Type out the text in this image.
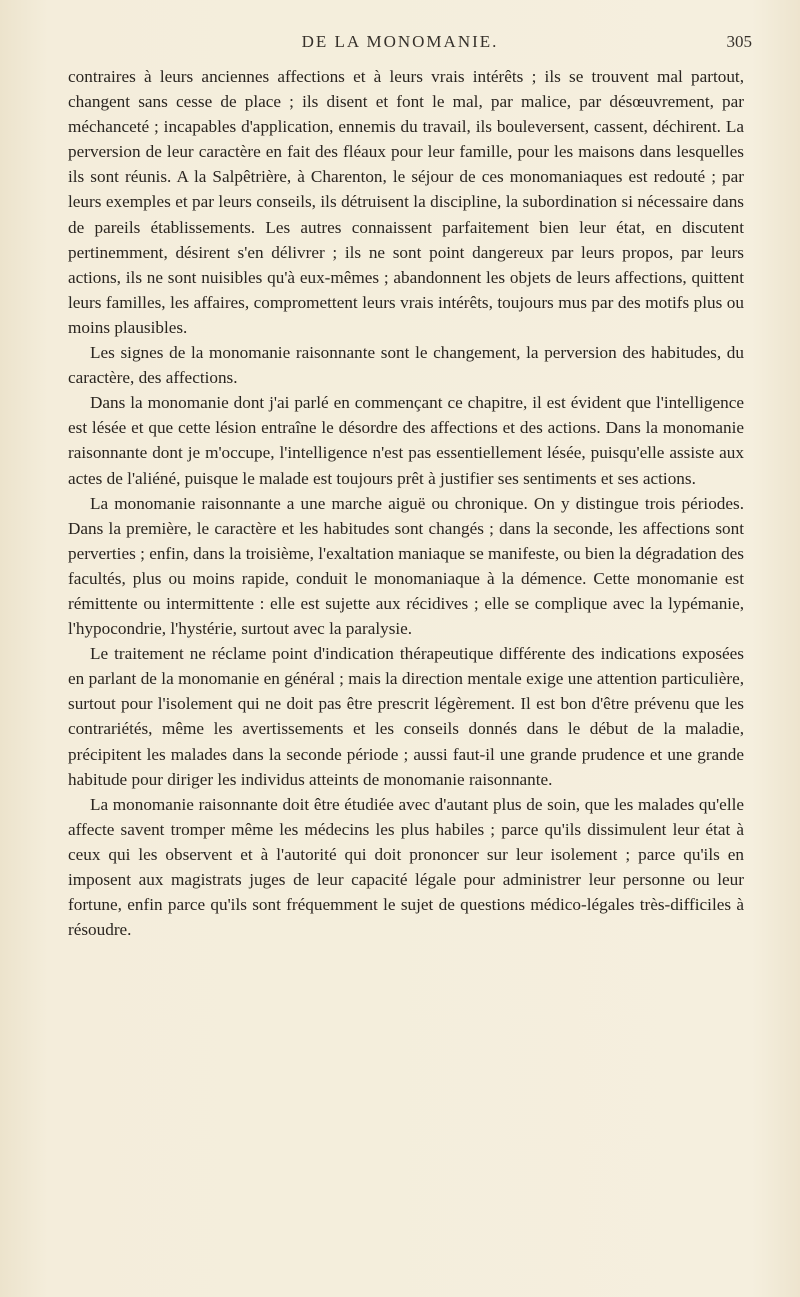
DE LA MONOMANIE.	305

contraires à leurs anciennes affections et à leurs vrais intérêts ; ils se trouvent mal partout, changent sans cesse de place ; ils disent et font le mal, par malice, par désœuvrement, par méchanceté ; incapables d'application, ennemis du travail, ils bouleversent, cassent, déchirent. La perversion de leur caractère en fait des fléaux pour leur famille, pour les maisons dans lesquelles ils sont réunis. A la Salpêtrière, à Charenton, le séjour de ces monomaniaques est redouté ; par leurs exemples et par leurs conseils, ils détruisent la discipline, la subordination si nécessaire dans de pareils établissements. Les autres connaissent parfaitement bien leur état, en discutent pertinemment, désirent s'en délivrer ; ils ne sont point dangereux par leurs propos, par leurs actions, ils ne sont nuisibles qu'à eux-mêmes ; abandonnent les objets de leurs affections, quittent leurs familles, les affaires, compromettent leurs vrais intérêts, toujours mus par des motifs plus ou moins plausibles.

Les signes de la monomanie raisonnante sont le changement, la perversion des habitudes, du caractère, des affections.

Dans la monomanie dont j'ai parlé en commençant ce chapitre, il est évident que l'intelligence est lésée et que cette lésion entraîne le désordre des affections et des actions. Dans la monomanie raisonnante dont je m'occupe, l'intelligence n'est pas essentiellement lésée, puisqu'elle assiste aux actes de l'aliéné, puisque le malade est toujours prêt à justifier ses sentiments et ses actions.

La monomanie raisonnante a une marche aiguë ou chronique. On y distingue trois périodes. Dans la première, le caractère et les habitudes sont changés ; dans la seconde, les affections sont perverties ; enfin, dans la troisième, l'exaltation maniaque se manifeste, ou bien la dégradation des facultés, plus ou moins rapide, conduit le monomaniaque à la démence. Cette monomanie est rémittente ou intermittente : elle est sujette aux récidives ; elle se complique avec la lypémanie, l'hypocondrie, l'hystérie, surtout avec la paralysie.

Le traitement ne réclame point d'indication thérapeutique différente des indications exposées en parlant de la monomanie en général ; mais la direction mentale exige une attention particulière, surtout pour l'isolement qui ne doit pas être prescrit légèrement. Il est bon d'être prévenu que les contrariétés, même les avertissements et les conseils donnés dans le début de la maladie, précipitent les malades dans la seconde période ; aussi faut-il une grande prudence et une grande habitude pour diriger les individus atteints de monomanie raisonnante.

La monomanie raisonnante doit être étudiée avec d'autant plus de soin, que les malades qu'elle affecte savent tromper même les médecins les plus habiles ; parce qu'ils dissimulent leur état à ceux qui les observent et à l'autorité qui doit prononcer sur leur isolement ; parce qu'ils en imposent aux magistrats juges de leur capacité légale pour administrer leur personne ou leur fortune, enfin parce qu'ils sont fréquemment le sujet de questions médico-légales très-difficiles à résoudre.
